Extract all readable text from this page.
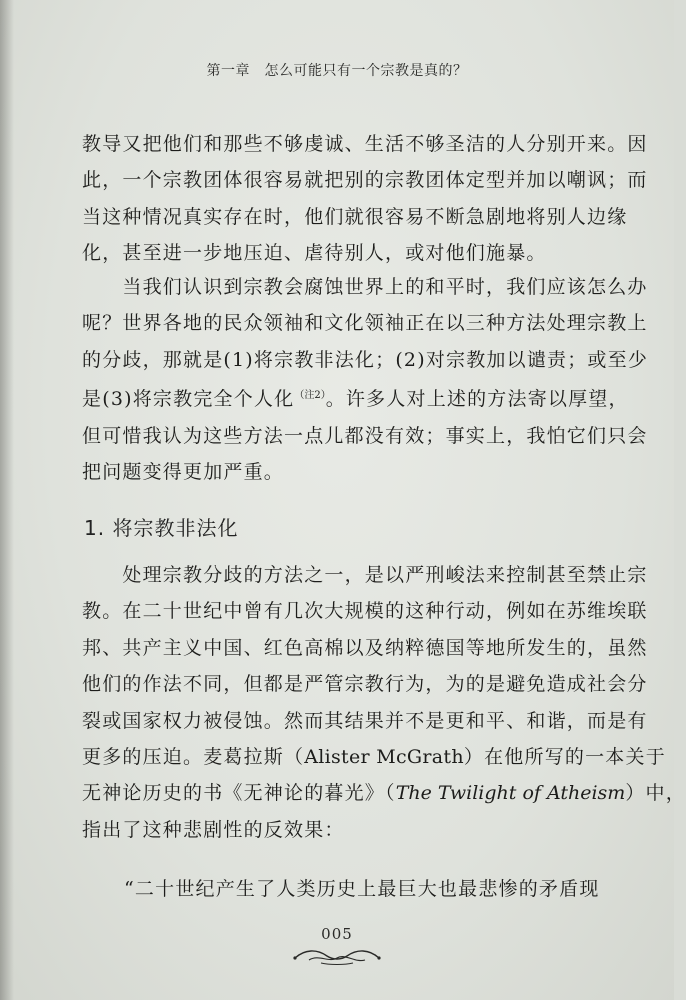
第一章　怎么可能只有一个宗教是真的？
教导又把他们和那些不够虔诚、生活不够圣洁的人分别开来。因
此，一个宗教团体很容易就把别的宗教团体定型并加以嘲讽；而
当这种情况真实存在时，他们就很容易不断急剧地将别人边缘
化，甚至进一步地压迫、虐待别人，或对他们施暴。
　　当我们认识到宗教会腐蚀世界上的和平时，我们应该怎么办
呢？世界各地的民众领袖和文化领袖正在以三种方法处理宗教上
的分歧，那就是(1)将宗教非法化；(2)对宗教加以谴责；或至少
是(3)将宗教完全个人化$^{(注2)}$。许多人对上述的方法寄以厚望，
但可惜我认为这些方法一点儿都没有效；事实上，我怕它们只会
把问题变得更加严重。
1. 将宗教非法化
　　处理宗教分歧的方法之一，是以严刑峻法来控制甚至禁止宗
教。在二十世纪中曾有几次大规模的这种行动，例如在苏维埃联
邦、共产主义中国、红色高棉以及纳粹德国等地所发生的，虽然
他们的作法不同，但都是严管宗教行为，为的是避免造成社会分
裂或国家权力被侵蚀。然而其结果并不是更和平、和谐，而是有
更多的压迫。麦葛拉斯（Alister McGrath）在他所写的一本关于
无神论历史的书《无神论的暮光》（The Twilight of Atheism）中，
指出了这种悲剧性的反效果：
“二十世纪产生了人类历史上最巨大也最悲惨的矛盾现
005
